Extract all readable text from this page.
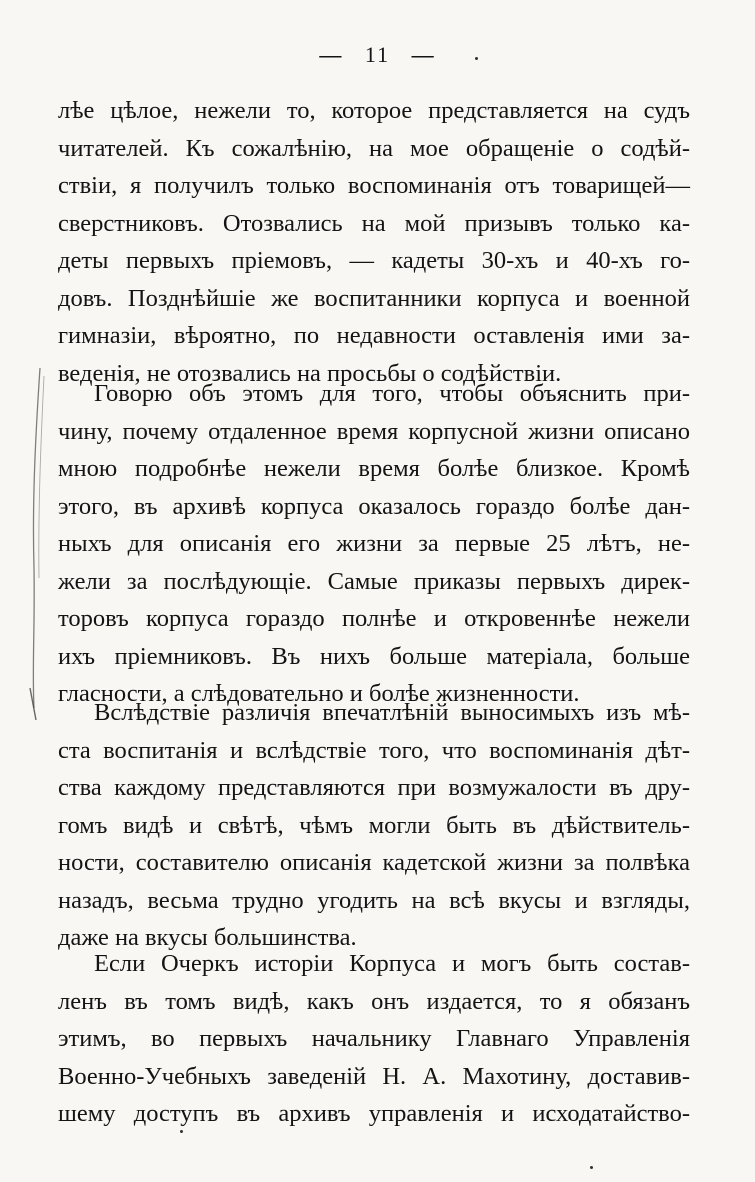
— 11 —
лѣе цѣлое, нежели то, которое представляется на судъ
читателей. Къ сожалѣнію, на мое обращеніе о содѣй-
ствіи, я получилъ только воспоминанія отъ товарищей—
сверстниковъ. Отозвались на мой призывъ только ка-
деты первыхъ пріемовъ, — кадеты 30-хъ и 40-хъ го-
довъ. Позднѣйшіе же воспитанники корпуса и военной
гимназіи, вѣроятно, по недавности оставленія ими за-
веденія, не отозвались на просьбы о содѣйствіи.
Говорю объ этомъ для того, чтобы объяснить при-
чину, почему отдаленное время корпусной жизни описано
мною подробнѣе нежели время болѣе близкое. Кромѣ
этого, въ архивѣ корпуса оказалось гораздо болѣе дан-
ныхъ для описанія его жизни за первые 25 лѣтъ, не-
жели за послѣдующіе. Самые приказы первыхъ дирек-
торовъ корпуса гораздо полнѣе и откровеннѣе нежели
ихъ пріемниковъ. Въ нихъ больше матеріала, больше
гласности, а слѣдовательно и болѣе жизненности.
Вслѣдствіе различія впечатлѣній выносимыхъ изъ мѣ-
ста воспитанія и вслѣдствіе того, что воспоминанія дѣт-
ства каждому представляются при возмужалости въ дру-
гомъ видѣ и свѣтѣ, чѣмъ могли быть въ дѣйствитель-
ности, составителю описанія кадетской жизни за полвѣка
назадъ, весьма трудно угодить на всѣ вкусы и взгляды,
даже на вкусы большинства.
Если Очеркъ исторіи Корпуса и могъ быть состав-
ленъ въ томъ видѣ, какъ онъ издается, то я обязанъ
этимъ, во первыхъ начальнику Главнаго Управленія
Военно-Учебныхъ заведеній Н. А. Махотину, доставив-
шему доступъ въ архивъ управленія и исходатайство-
